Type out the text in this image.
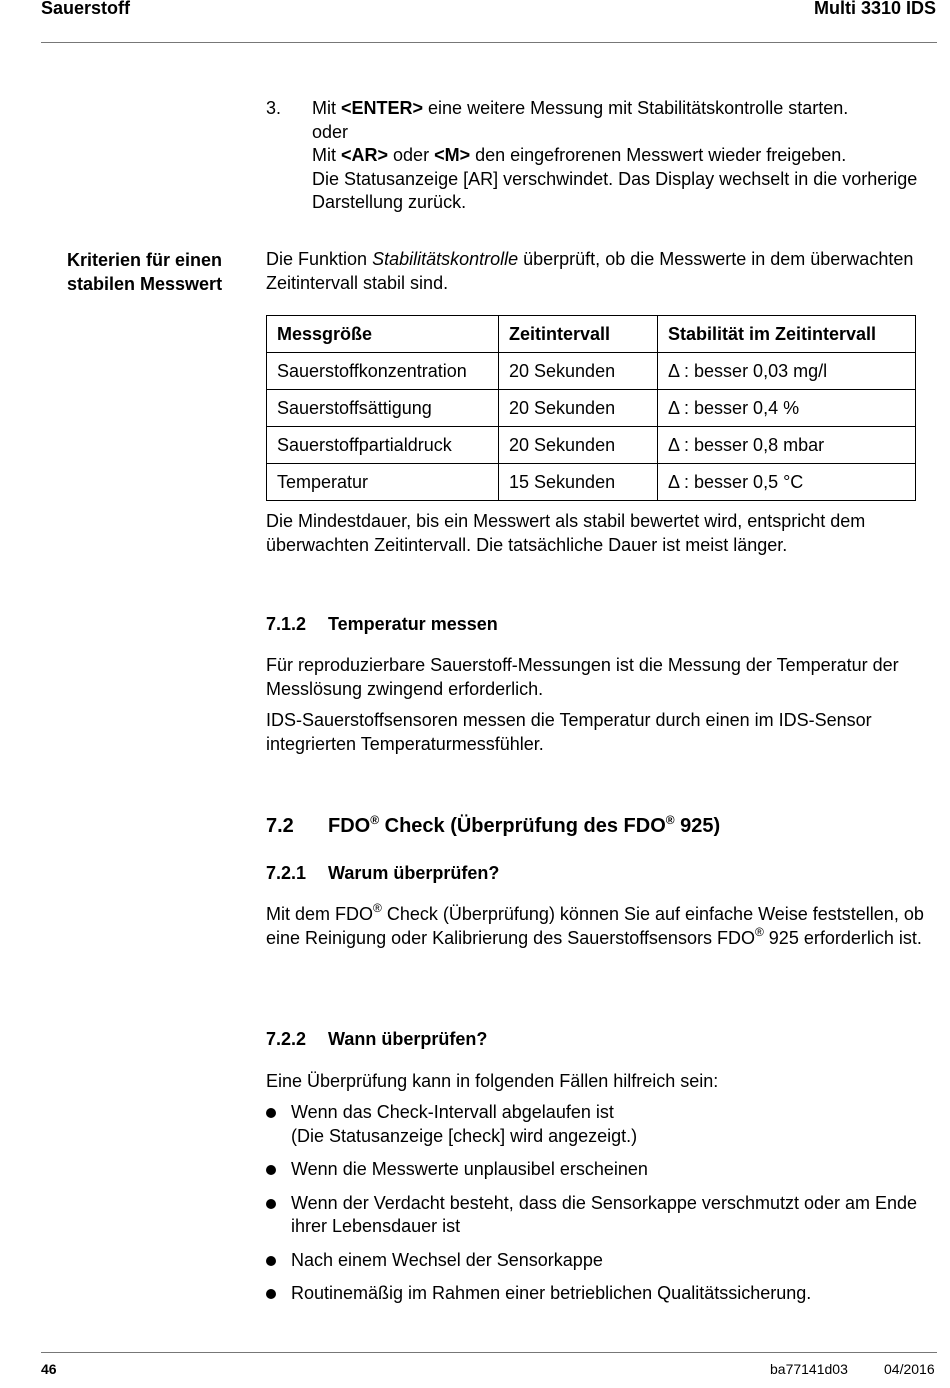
Sauerstoff	Multi 3310 IDS
3. Mit <ENTER> eine weitere Messung mit Stabilitätskontrolle starten.
oder
Mit <AR> oder <M> den eingefrorenen Messwert wieder freigeben.
Die Statusanzeige [AR] verschwindet. Das Display wechselt in die vorherige Darstellung zurück.
Kriterien für einen
stabilen Messwert
Die Funktion Stabilitätskontrolle überprüft, ob die Messwerte in dem überwachten Zeitintervall stabil sind.
Messgröße	Zeitintervall	Stabilität im Zeitintervall
Sauerstoffkonzentration	20 Sekunden	Δ : besser 0,03 mg/l
Sauerstoffsättigung	20 Sekunden	Δ : besser 0,4 %
Sauerstoffpartialdruck	20 Sekunden	Δ : besser 0,8 mbar
Temperatur	15 Sekunden	Δ : besser 0,5 °C
Die Mindestdauer, bis ein Messwert als stabil bewertet wird, entspricht dem überwachten Zeitintervall. Die tatsächliche Dauer ist meist länger.
7.1.2 Temperatur messen
Für reproduzierbare Sauerstoff-Messungen ist die Messung der Temperatur der Messlösung zwingend erforderlich.
IDS-Sauerstoffsensoren messen die Temperatur durch einen im IDS-Sensor integrierten Temperaturmessfühler.
7.2 FDO® Check (Überprüfung des FDO® 925)
7.2.1 Warum überprüfen?
Mit dem FDO® Check (Überprüfung) können Sie auf einfache Weise feststellen, ob eine Reinigung oder Kalibrierung des Sauerstoffsensors FDO® 925 erforderlich ist.
7.2.2 Wann überprüfen?
Eine Überprüfung kann in folgenden Fällen hilfreich sein:
Wenn das Check-Intervall abgelaufen ist
(Die Statusanzeige [check] wird angezeigt.)
Wenn die Messwerte unplausibel erscheinen
Wenn der Verdacht besteht, dass die Sensorkappe verschmutzt oder am Ende ihrer Lebensdauer ist
Nach einem Wechsel der Sensorkappe
Routinemäßig im Rahmen einer betrieblichen Qualitätssicherung.
46	ba77141d03	04/2016
